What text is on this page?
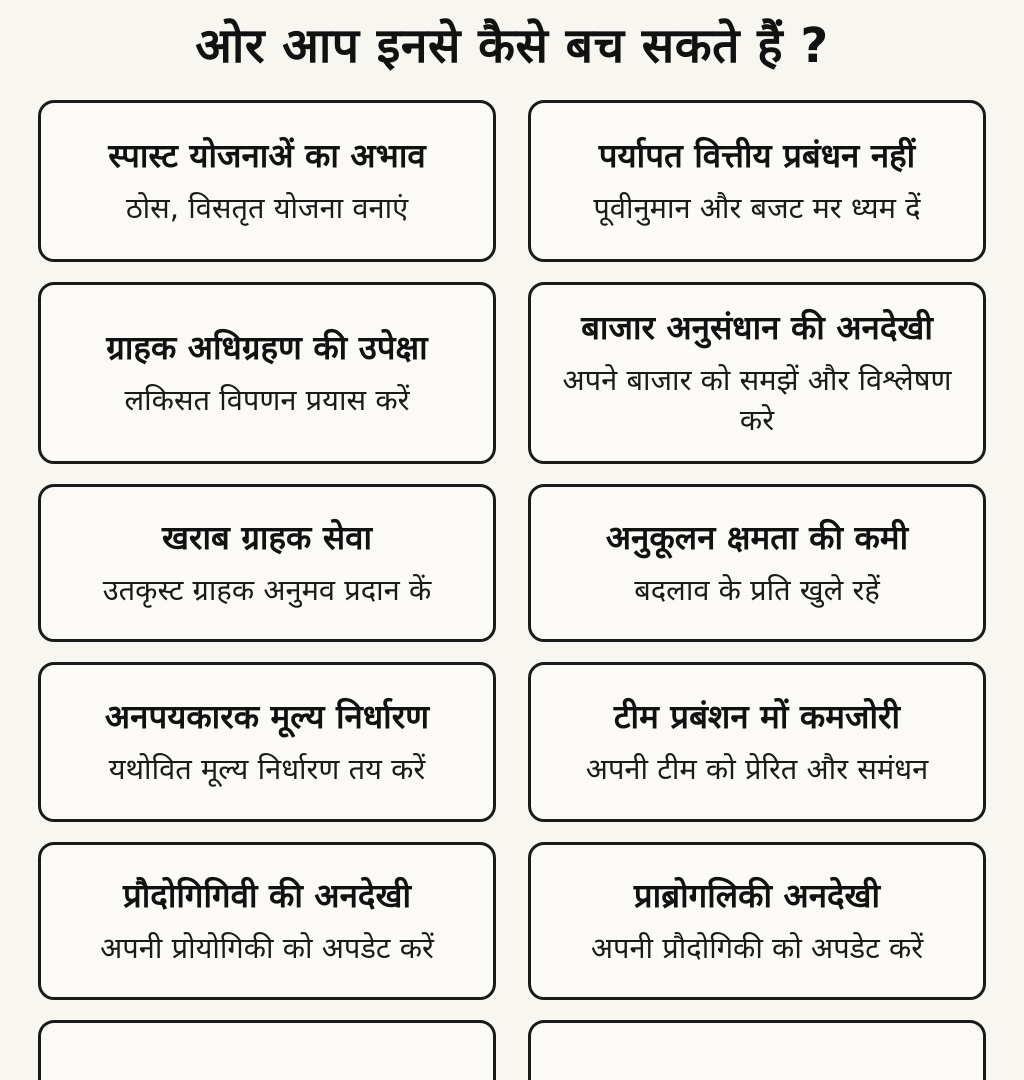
ओर आप इनसे कैसे बच सकते हैं ?
स्पास्ट योजनाअें का अभाव
ठोस, विसतृत योजना वनाएं
पर्यापत वित्तीय प्रबंधन नहीं
पूवीनुमान और बजट मर ध्यम दें
ग्राहक अधिग्रहण की उपेक्षा
लकिसत विपणन प्रयास करें
बाजार अनुसंधान की अनदेखी
अपने बाजार को समझें और विश्लेषण करे
खराब ग्राहक सेवा
उतकृस्ट ग्राहक अनुमव प्रदान कें
अनुकूलन क्षमता की कमी
बदलाव के प्रति खुले रहें
अनपयकारक मूल्य निर्धारण
यथोवित मूल्य निर्धारण तय करें
टीम प्रबंशन मों कमजोरी
अपनी टीम को प्रेरित और समंधन
प्रौदोगिगिवी की अनदेखी
अपनी प्रोयोगिकी को अपडेट करें
प्राब्रोगलिकी अनदेखी
अपनी प्रौदोगिकी को अपडेट करें
